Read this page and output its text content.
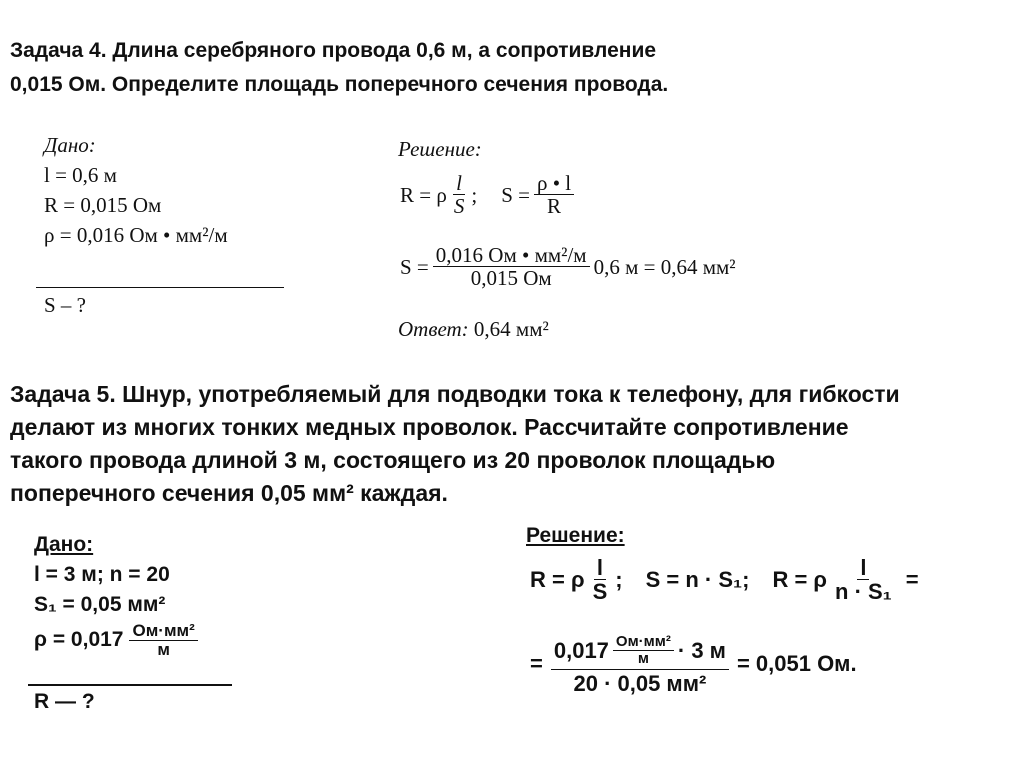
Задача 4. Длина серебряного провода 0,6 м, а сопротивление
0,015 Ом. Определите площадь поперечного сечения провода.
Дано:
l = 0,6 м
R = 0,015 Ом
ρ = 0,016 Ом • мм²/м
S – ?
Решение:
R = ρ $\frac{l}{S}$ ; $S = \frac{\rho • l}{R}$
$S = \frac{\text{0,016 Ом • мм²/м}}{0,015 Ом} 0,6$ м = 0,64 мм²
Ответ: 0,64 мм²
Задача 5. Шнур, употребляемый для подводки тока к телефону, для гибкости
делают из многих тонких медных проволок. Рассчитайте сопротивление
такого провода длиной 3 м, состоящего из 20 проволок площадью
поперечного сечения 0,05 мм² каждая.
Дано:
l = 3 м; n = 20
S₁ = 0,05 мм²
$\rho = 0,017 \frac{\text{Ом·мм²}}{м}$
R — ?
Решение:
R = ρ $\frac{l}{S}$ ; S = n · S₁; R = ρ $\frac{l}{\text{n · S₁}}$ =
= $\frac{0,017 \frac{\text{Ом·мм²}}{м} \cdot 3 м}{\text{20 · 0,05 мм²}} = 0,051$ Ом.
